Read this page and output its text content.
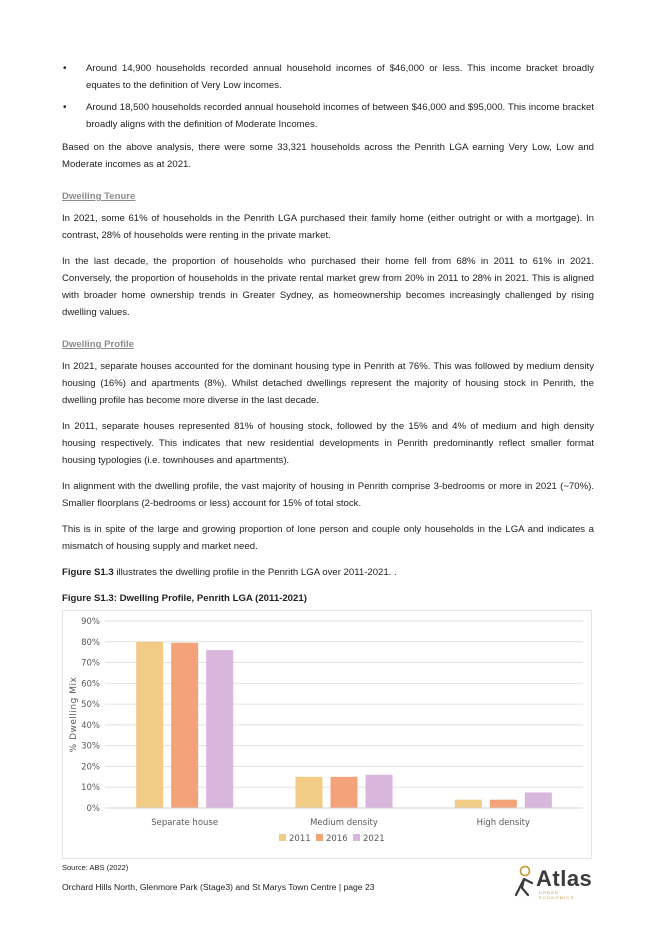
• Around 14,900 households recorded annual household incomes of $46,000 or less. This income bracket broadly equates to the definition of Very Low incomes.
• Around 18,500 households recorded annual household incomes of between $46,000 and $95,000. This income bracket broadly aligns with the definition of Moderate Incomes.

Based on the above analysis, there were some 33,321 households across the Penrith LGA earning Very Low, Low and Moderate incomes as at 2021.

Dwelling Tenure

In 2021, some 61% of households in the Penrith LGA purchased their family home (either outright or with a mortgage). In contrast, 28% of households were renting in the private market.

In the last decade, the proportion of households who purchased their home fell from 68% in 2011 to 61% in 2021. Conversely, the proportion of households in the private rental market grew from 20% in 2011 to 28% in 2021. This is aligned with broader home ownership trends in Greater Sydney, as homeownership becomes increasingly challenged by rising dwelling values.

Dwelling Profile

In 2021, separate houses accounted for the dominant housing type in Penrith at 76%. This was followed by medium density housing (16%) and apartments (8%). Whilst detached dwellings represent the majority of housing stock in Penrith, the dwelling profile has become more diverse in the last decade.

In 2011, separate houses represented 81% of housing stock, followed by the 15% and 4% of medium and high density housing respectively. This indicates that new residential developments in Penrith predominantly reflect smaller format housing typologies (i.e. townhouses and apartments).

In alignment with the dwelling profile, the vast majority of housing in Penrith comprise 3-bedrooms or more in 2021 (~70%). Smaller floorplans (2-bedrooms or less) account for 15% of total stock.

This is in spite of the large and growing proportion of lone person and couple only households in the LGA and indicates a mismatch of housing supply and market need.

Figure S1.3 illustrates the dwelling profile in the Penrith LGA over 2011-2021. .

Figure S1.3: Dwelling Profile, Penrith LGA (2011-2021)
0%
10%
20%
30%
40%
50%
60%
70%
80%
90%
% Dwelling Mix
Separate house	Medium density	High density
2011 2016 2021
Source: ABS (2022)
Orchard Hills North, Glenmore Park (Stage3) and St Marys Town Centre | page 23	Atlas
URBAN ECONOMICS
